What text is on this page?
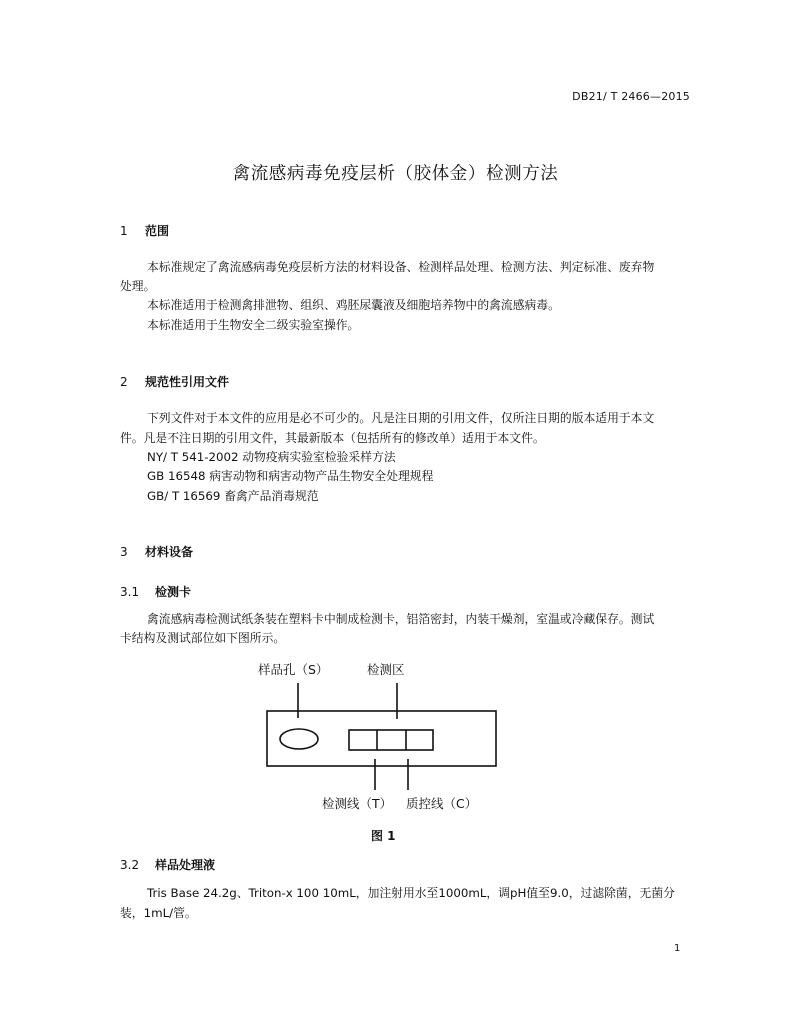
DB21/ T 2466—2015
禽流感病毒免疫层析（胶体金）检测方法
1 范围
本标准规定了禽流感病毒免疫层析方法的材料设备、检测样品处理、检测方法、判定标准、废弃物
处理。
本标准适用于检测禽排泄物、组织、鸡胚尿囊液及细胞培养物中的禽流感病毒。
本标准适用于生物安全二级实验室操作。
2 规范性引用文件
下列文件对于本文件的应用是必不可少的。凡是注日期的引用文件，仅所注日期的版本适用于本文
件。凡是不注日期的引用文件，其最新版本（包括所有的修改单）适用于本文件。
NY/ T 541-2002 动物疫病实验室检验采样方法
GB 16548 病害动物和病害动物产品生物安全处理规程
GB/ T 16569 畜禽产品消毒规范
3 材料设备
3.1 检测卡
禽流感病毒检测试纸条装在塑料卡中制成检测卡，铝箔密封，内装干燥剂，室温或冷藏保存。测试
卡结构及测试部位如下图所示。
样品孔（S）	检测区
检测线（T） 质控线（C）
图 1
3.2 样品处理液
Tris Base 24.2g、Triton-x 100 10mL，加注射用水至1000mL，调pH值至9.0，过滤除菌，无菌分
装，1mL/管。
1
